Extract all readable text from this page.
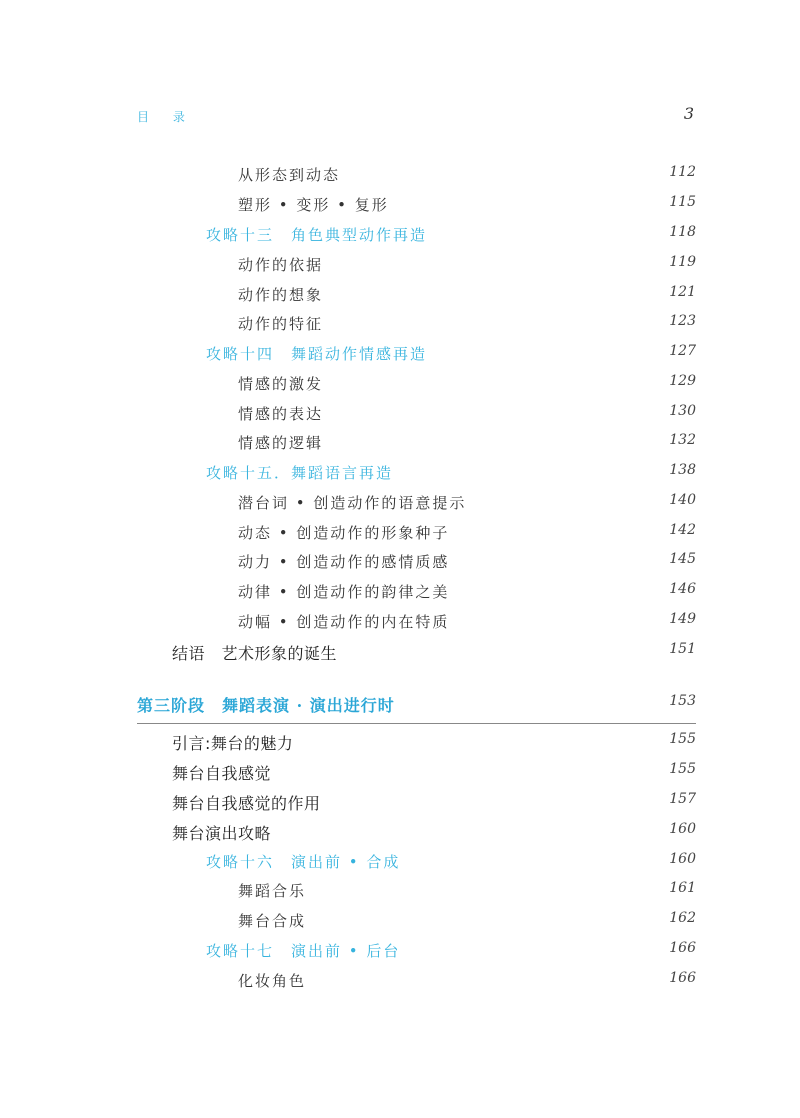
目 录	3
从形态到动态	112
塑形 • 变形 • 复形	115
攻略十三　角色典型动作再造	118
动作的依据	119
动作的想象	121
动作的特征	123
攻略十四　舞蹈动作情感再造	127
情感的激发	129
情感的表达	130
情感的逻辑	132
攻略十五．舞蹈语言再造	138
潜台词 • 创造动作的语意提示	140
动态 • 创造动作的形象种子	142
动力 • 创造动作的感情质感	145
动律 • 创造动作的韵律之美	146
动幅 • 创造动作的内在特质	149
结语　艺术形象的诞生	151
第三阶段　舞蹈表演 · 演出进行时	153
引言:舞台的魅力	155
舞台自我感觉	155
舞台自我感觉的作用	157
舞台演出攻略	160
攻略十六　演出前 • 合成	160
舞蹈合乐	161
舞台合成	162
攻略十七　演出前 • 后台	166
化妆角色	166
